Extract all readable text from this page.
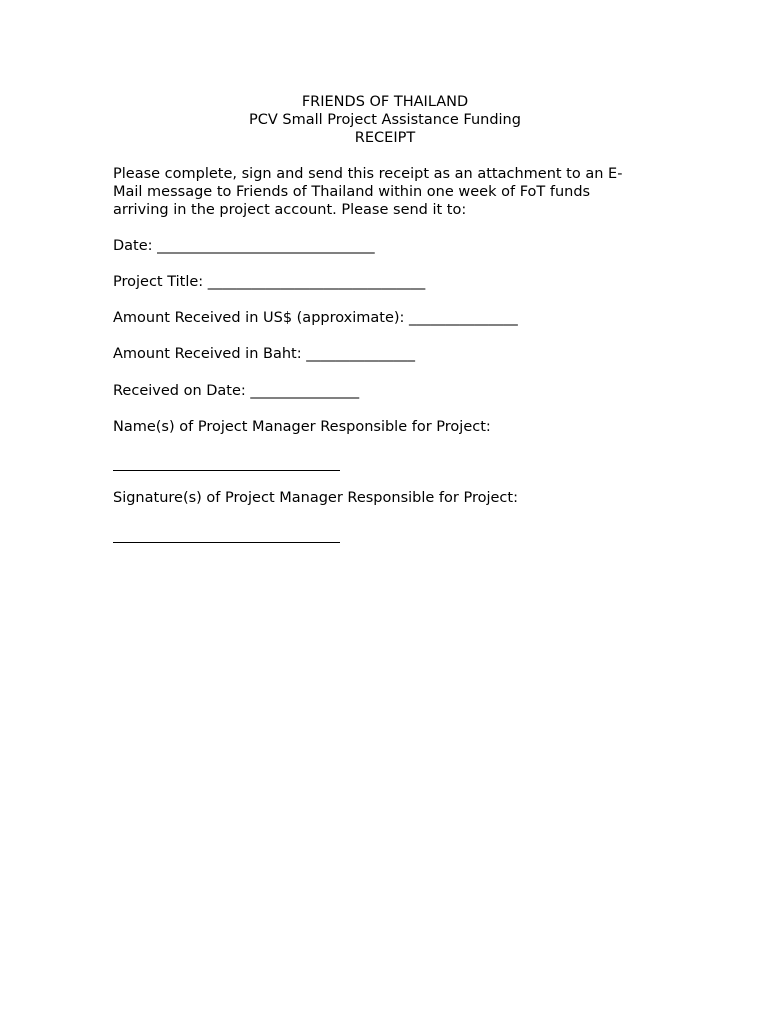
FRIENDS OF THAILAND
PCV Small Project Assistance Funding
RECEIPT
Please complete, sign and send this receipt as an attachment to an E-
Mail message to Friends of Thailand within one week of FoT funds
arriving in the project account. Please send it to:
Date: ______________________________
Project Title: ______________________________
Amount Received in US$ (approximate): _______________
Amount Received in Baht: _______________
Received on Date: _______________
Name(s) of Project Manager Responsible for Project:
Signature(s) of Project Manager Responsible for Project:
